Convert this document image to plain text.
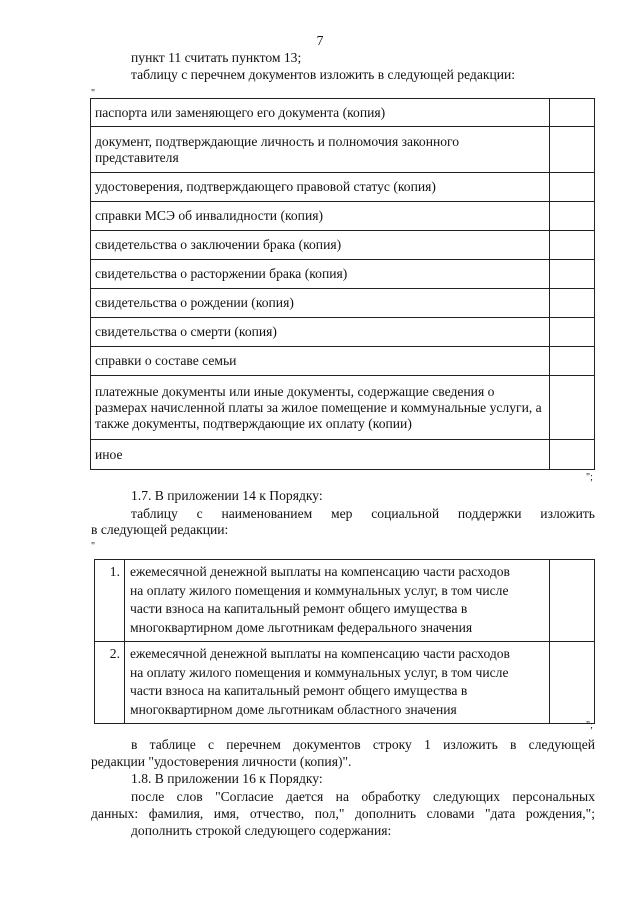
7
пункт 11 считать пунктом 13;
таблицу с перечнем документов изложить в следующей редакции:
"
паспорта или заменяющего его документа (копия)	
документ, подтверждающие личность и полномочия законного представителя	
удостоверения, подтверждающего правовой статус (копия)	
справки МСЭ об инвалидности (копия)	
свидетельства о заключении брака (копия)	
свидетельства о расторжении брака (копия)	
свидетельства о рождении (копия)	
свидетельства о смерти (копия)	
справки о составе семьи	
платежные документы или иные документы, содержащие сведения о размерах начисленной платы за жилое помещение и коммунальные услуги, а также документы, подтверждающие их оплату (копии)	
иное	
";
1.7. В приложении 14 к Порядку:
таблицу с наименованием мер социальной поддержки изложить
в следующей редакции:
"
1.	ежемесячной денежной выплаты на компенсацию части расходов
на оплату жилого помещения и коммунальных услуг, в том числе
части взноса на капитальный ремонт общего имущества в
многоквартирном доме льготникам федерального значения	

2.	ежемесячной денежной выплаты на компенсацию части расходов
на оплату жилого помещения и коммунальных услуг, в том числе
части взноса на капитальный ремонт общего имущества в
многоквартирном доме льготникам областного значения	

";
в таблице с перечнем документов строку 1 изложить в следующей
редакции "удостоверения личности (копия)".
1.8. В приложении 16 к Порядку:
после слов "Согласие дается на обработку следующих персональных
данных: фамилия, имя, отчество, пол," дополнить словами "дата рождения,";
дополнить строкой следующего содержания:
